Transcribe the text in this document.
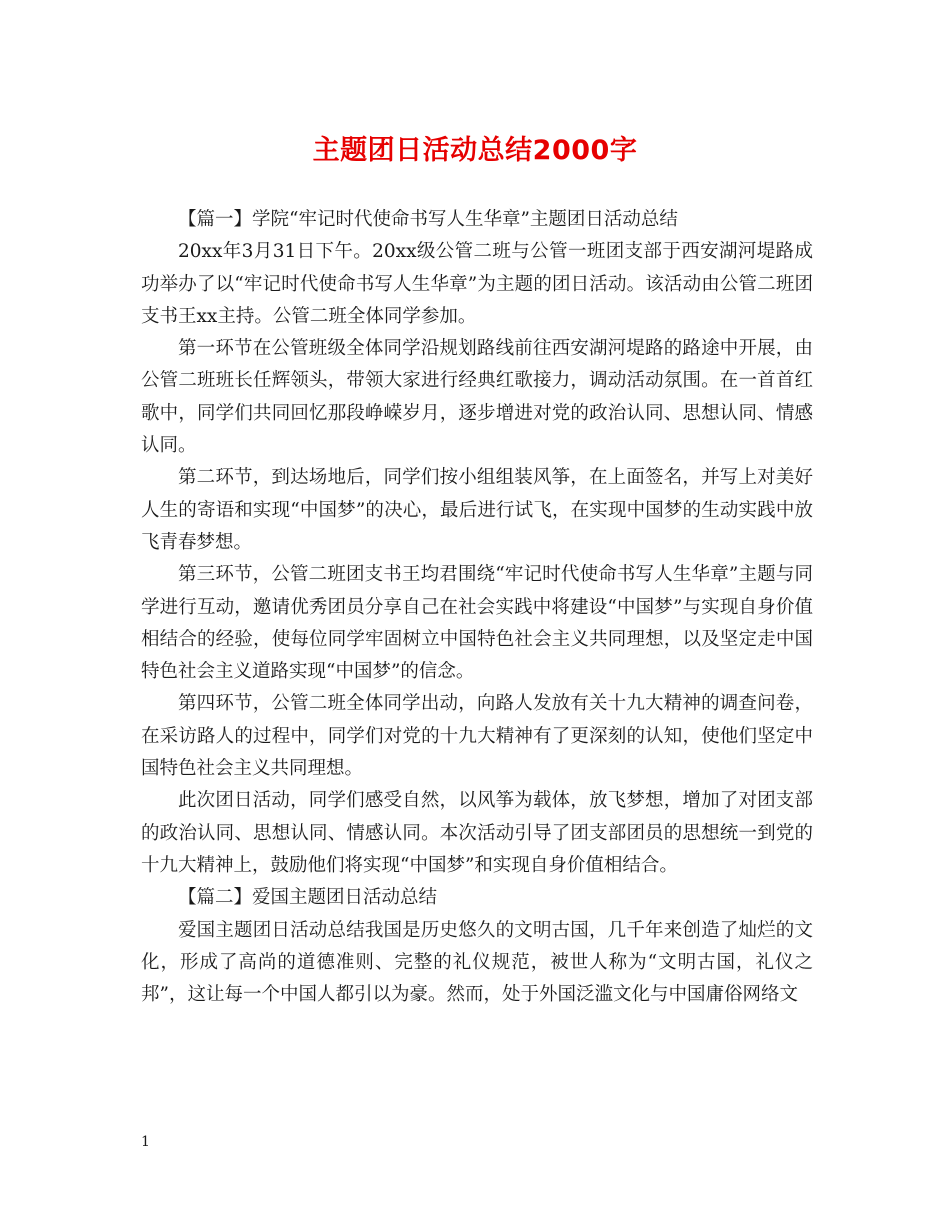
主题团日活动总结2000字

【篇一】学院“牢记时代使命书写人生华章”主题团日活动总结

20xx年3月31日下午。20xx级公管二班与公管一班团支部于西安湖河堤路成功举办了以“牢记时代使命书写人生华章”为主题的团日活动。该活动由公管二班团支书王xx主持。公管二班全体同学参加。

第一环节在公管班级全体同学沿规划路线前往西安湖河堤路的路途中开展，由公管二班班长任辉领头，带领大家进行经典红歌接力，调动活动氛围。在一首首红歌中，同学们共同回忆那段峥嵘岁月，逐步增进对党的政治认同、思想认同、情感认同。

第二环节，到达场地后，同学们按小组组装风筝，在上面签名，并写上对美好人生的寄语和实现“中国梦”的决心，最后进行试飞，在实现中国梦的生动实践中放飞青春梦想。

第三环节，公管二班团支书王均君围绕“牢记时代使命书写人生华章”主题与同学进行互动，邀请优秀团员分享自己在社会实践中将建设“中国梦”与实现自身价值相结合的经验，使每位同学牢固树立中国特色社会主义共同理想，以及坚定走中国特色社会主义道路实现“中国梦”的信念。

第四环节，公管二班全体同学出动，向路人发放有关十九大精神的调查问卷，在采访路人的过程中，同学们对党的十九大精神有了更深刻的认知，使他们坚定中国特色社会主义共同理想。

此次团日活动，同学们感受自然，以风筝为载体，放飞梦想，增加了对团支部的政治认同、思想认同、情感认同。本次活动引导了团支部团员的思想统一到党的十九大精神上，鼓励他们将实现“中国梦”和实现自身价值相结合。

【篇二】爱国主题团日活动总结

爱国主题团日活动总结我国是历史悠久的文明古国，几千年来创造了灿烂的文化，形成了高尚的道德准则、完整的礼仪规范，被世人称为“文明古国，礼仪之邦”，这让每一个中国人都引以为豪。然而，处于外国泛滥文化与中国庸俗网络文

1
